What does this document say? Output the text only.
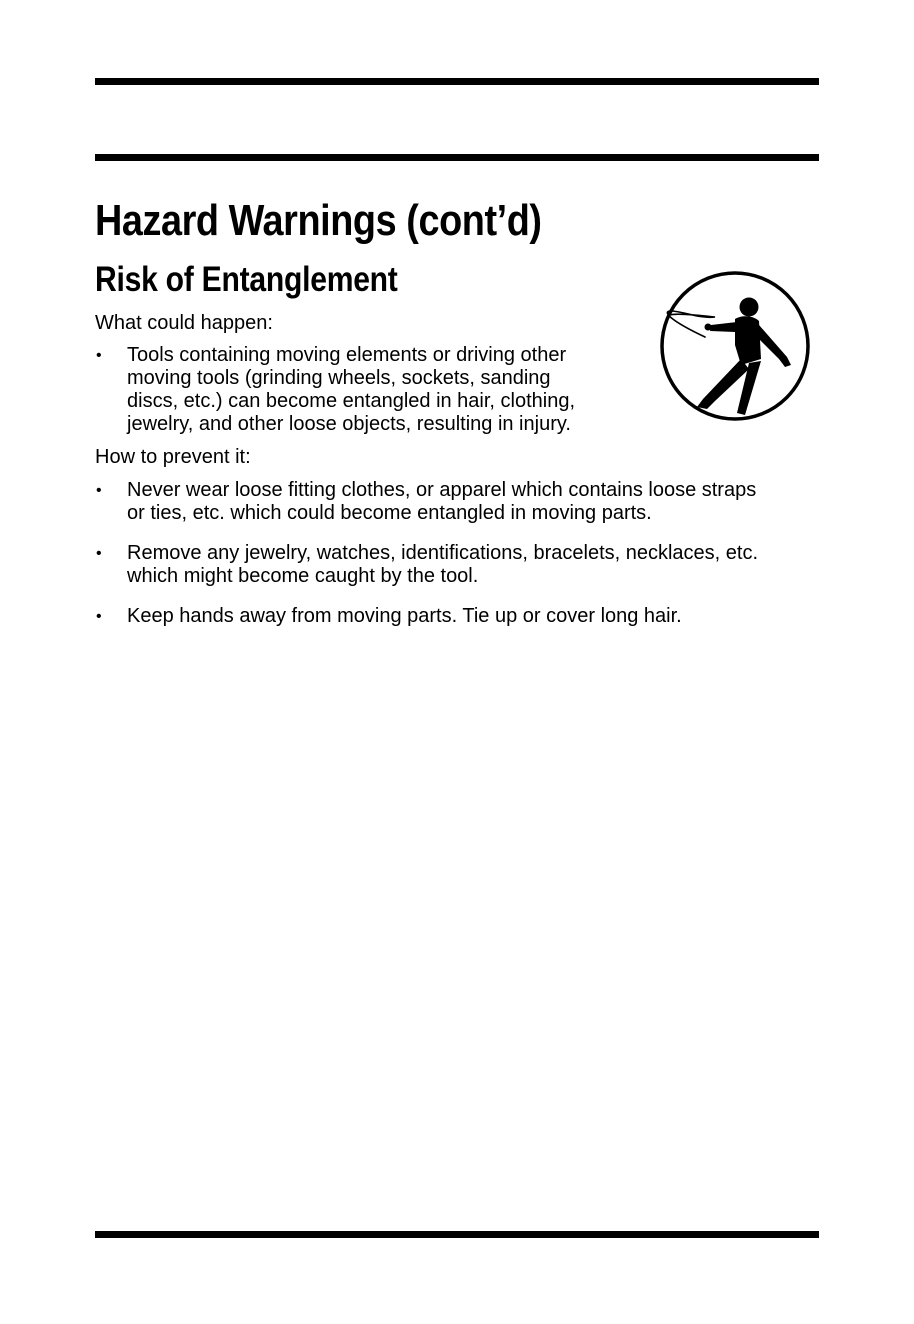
Hazard Warnings (cont’d)
Risk of Entanglement

What could happen:

• Tools containing moving elements or driving other
moving tools (grinding wheels, sockets, sanding
discs, etc.) can become entangled in hair, clothing,
jewelry, and other loose objects, resulting in injury.

How to prevent it:

• Never wear loose fitting clothes, or apparel which contains loose straps
or ties, etc. which could become entangled in moving parts.
• Remove any jewelry, watches, identifications, bracelets, necklaces, etc.
which might become caught by the tool.
• Keep hands away from moving parts. Tie up or cover long hair.
